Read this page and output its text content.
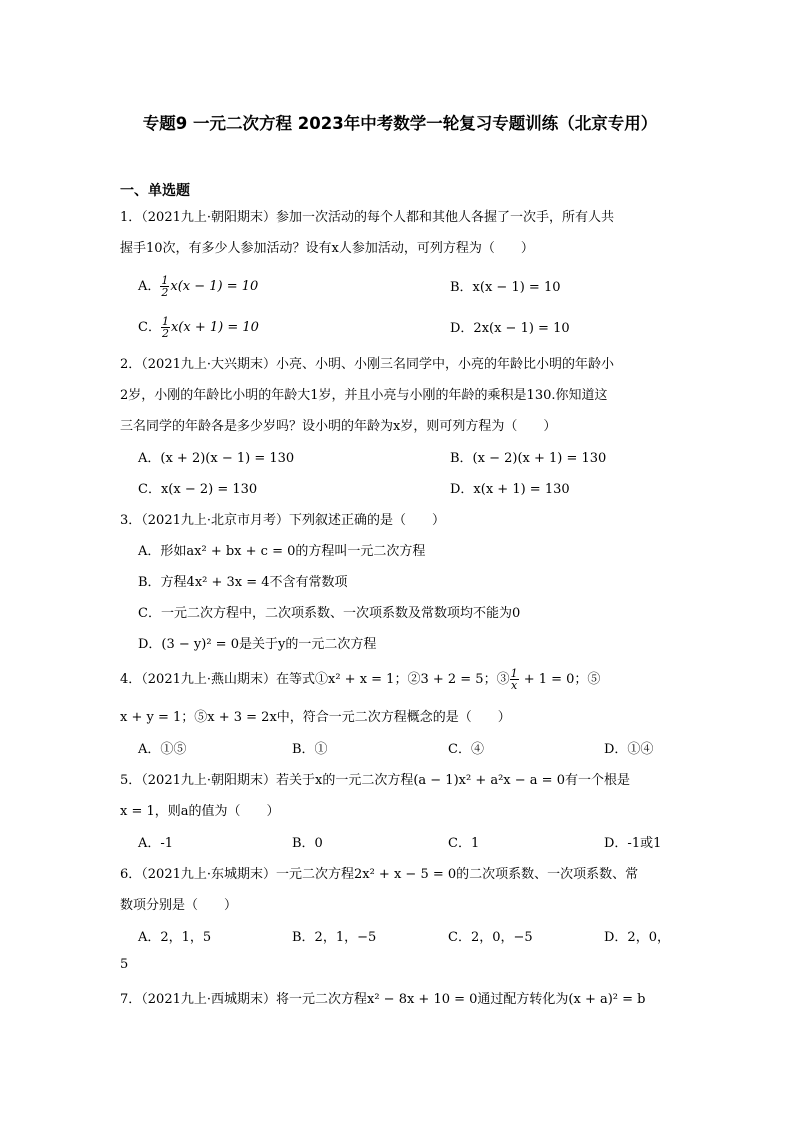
专题9 一元二次方程 2023年中考数学一轮复习专题训练（北京专用）
一、单选题
1．（2021九上·朝阳期末）参加一次活动的每个人都和其他人各握了一次手，所有人共
握手10次，有多少人参加活动？设有x人参加活动，可列方程为（　　）
A． $\frac{1}{2} x(x - 1) = 10$	B．x(x − 1) = 10
C． $\frac{1}{2} x(x + 1) = 10$	D．2x(x − 1) = 10
2．（2021九上·大兴期末）小亮、小明、小刚三名同学中，小亮的年龄比小明的年龄小
2岁，小刚的年龄比小明的年龄大1岁，并且小亮与小刚的年龄的乘积是130.你知道这
三名同学的年龄各是多少岁吗？设小明的年龄为x岁，则可列方程为（　　）
A．(x + 2)(x − 1) = 130	B．(x − 2)(x + 1) = 130
C．x(x − 2) = 130	D．x(x + 1) = 130
3．（2021九上·北京市月考）下列叙述正确的是（　　）
A．形如ax² + bx + c = 0的方程叫一元二次方程
B．方程4x² + 3x = 4不含有常数项
C．一元二次方程中，二次项系数、一次项系数及常数项均不能为0
D．(3 − y)² = 0是关于y的一元二次方程
4．（2021九上·燕山期末）在等式①x² + x = 1；②3 + 2 = 5；③ $\frac{1}{x} + 1 = 0$；⑤
x + y = 1；⑤x + 3 = 2x中，符合一元二次方程概念的是（　　）
A．①⑤	B．①	C．④	D．①④
5．（2021九上·朝阳期末）若关于x的一元二次方程(a − 1)x² + a²x − a = 0有一个根是
x = 1，则a的值为（　　）
A．-1	B．0	C．1	D．-1或1
6．（2021九上·东城期末）一元二次方程2x² + x − 5 = 0的二次项系数、一次项系数、常
数项分别是（　　）
A．2，1，5	B．2，1，−5	C．2，0，−5	D．2，0，
5
7．（2021九上·西城期末）将一元二次方程x² − 8x + 10 = 0通过配方转化为(x + a)² = b
